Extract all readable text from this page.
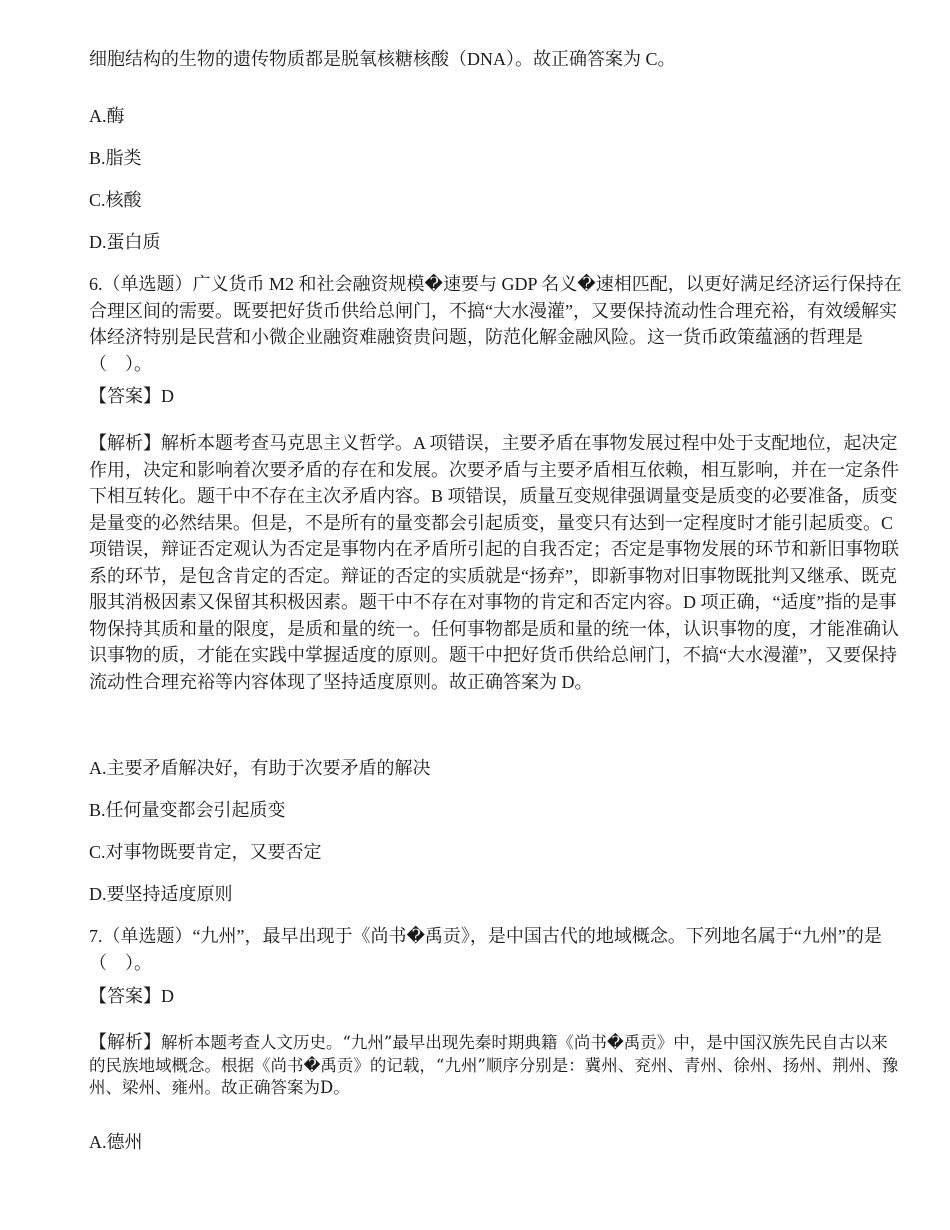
细胞结构的生物的遗传物质都是脱氧核糖核酸（DNA）。故正确答案为 C。

A.酶

B.脂类

C.核酸

D.蛋白质

6.（单选题）广义货币 M2 和社会融资规模�速要与 GDP 名义�速相匹配，以更好满足经济运行保持在合理区间的需要。既要把好货币供给总闸门，不搞“大水漫灌”，又要保持流动性合理充裕，有效缓解实体经济特别是民营和小微企业融资难融资贵问题，防范化解金融风险。这一货币政策蕴涵的哲理是（　）。

【答案】D

【解析】解析本题考查马克思主义哲学。A 项错误，主要矛盾在事物发展过程中处于支配地位，起决定作用，决定和影响着次要矛盾的存在和发展。次要矛盾与主要矛盾相互依赖，相互影响，并在一定条件下相互转化。题干中不存在主次矛盾内容。B 项错误，质量互变规律强调量变是质变的必要准备，质变是量变的必然结果。但是，不是所有的量变都会引起质变，量变只有达到一定程度时才能引起质变。C 项错误，辩证否定观认为否定是事物内在矛盾所引起的自我否定；否定是事物发展的环节和新旧事物联系的环节，是包含肯定的否定。辩证的否定的实质就是“扬弃”，即新事物对旧事物既批判又继承、既克服其消极因素又保留其积极因素。题干中不存在对事物的肯定和否定内容。D 项正确，“适度”指的是事物保持其质和量的限度，是质和量的统一。任何事物都是质和量的统一体，认识事物的度，才能准确认识事物的质，才能在实践中掌握适度的原则。题干中把好货币供给总闸门，不搞“大水漫灌”，又要保持流动性合理充裕等内容体现了坚持适度原则。故正确答案为 D。

A.主要矛盾解决好，有助于次要矛盾的解决

B.任何量变都会引起质变

C.对事物既要肯定，又要否定

D.要坚持适度原则

7.（单选题）“九州”，最早出现于《尚书�禹贡》，是中国古代的地域概念。下列地名属于“九州”的是（　）。

【答案】D

【解析】解析本题考查人文历史。“九州”最早出现先秦时期典籍《尚书�禹贡》中，是中国汉族先民自古以来的民族地域概念。根据《尚书�禹贡》的记载，“九州”顺序分别是：冀州、兖州、青州、徐州、扬州、荆州、豫州、梁州、雍州。故正确答案为D。

A.德州
